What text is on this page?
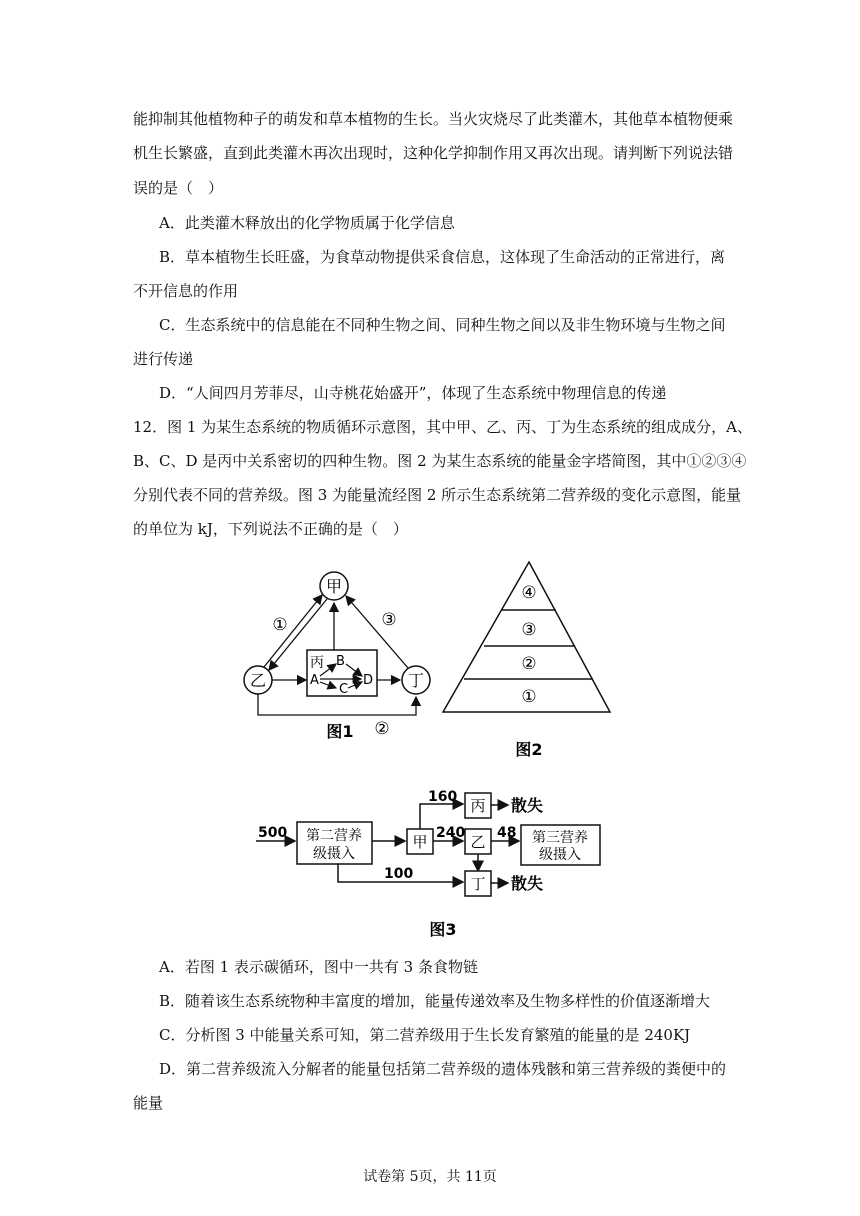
能抑制其他植物种子的萌发和草本植物的生长。当火灾烧尽了此类灌木，其他草本植物便乘
机生长繁盛，直到此类灌木再次出现时，这种化学抑制作用又再次出现。请判断下列说法错
误的是（　）
A．此类灌木释放出的化学物质属于化学信息
B．草本植物生长旺盛，为食草动物提供采食信息，这体现了生命活动的正常进行，离
不开信息的作用
C．生态系统中的信息能在不同种生物之间、同种生物之间以及非生物环境与生物之间
进行传递
D．“人间四月芳菲尽，山寺桃花始盛开”，体现了生态系统中物理信息的传递
12．图 1 为某生态系统的物质循环示意图，其中甲、乙、丙、丁为生态系统的组成成分，A、
B、C、D 是丙中关系密切的四种生物。图 2 为某生态系统的能量金字塔简图，其中①②③④
分别代表不同的营养级。图 3 为能量流经图 2 所示生态系统第二营养级的变化示意图，能量
的单位为 kJ，下列说法不正确的是（　）
甲
乙	丁
丙 B
A
C
D
①	③
②
图1
④
③
②
①
图2
500 第二营养
级摄入
甲
160 丙 散失
240 乙 48 第三营养
级摄入
100
丁 散失
图3
A．若图 1 表示碳循环，图中一共有 3 条食物链
B．随着该生态系统物种丰富度的增加，能量传递效率及生物多样性的价值逐渐增大
C．分析图 3 中能量关系可知，第二营养级用于生长发育繁殖的能量的是 240KJ
D．第二营养级流入分解者的能量包括第二营养级的遗体残骸和第三营养级的粪便中的
能量
试卷第 5页，共 11页
